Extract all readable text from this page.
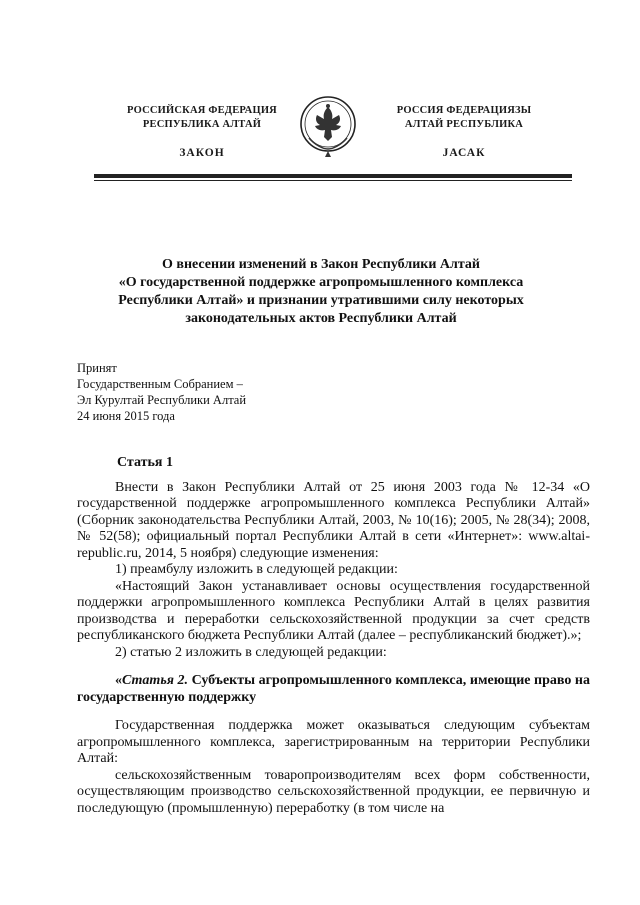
РОССИЙСКАЯ ФЕДЕРАЦИЯ
РЕСПУБЛИКА АЛТАЙ
ЗАКОН
РОССИЯ ФЕДЕРАЦИЯЗЫ
АЛТАЙ РЕСПУБЛИКА
JАСАК
О внесении изменений в Закон Республики Алтай
«О государственной поддержке агропромышленного комплекса
Республики Алтай» и признании утратившими силу некоторых
законодательных актов Республики Алтай
Принят
Государственным Собранием –
Эл Курултай Республики Алтай
24 июня 2015 года
Статья 1

Внести в Закон Республики Алтай от 25 июня 2003 года № 12-34 «О государственной поддержке агропромышленного комплекса Республики Алтай» (Сборник законодательства Республики Алтай, 2003, № 10(16); 2005, № 28(34); 2008, № 52(58); официальный портал Республики Алтай в сети «Интернет»: www.altai-republic.ru, 2014, 5 ноября) следующие изменения:

1) преамбулу изложить в следующей редакции:

«Настоящий Закон устанавливает основы осуществления государственной поддержки агропромышленного комплекса Республики Алтай в целях развития производства и переработки сельскохозяйственной продукции за счет средств республиканского бюджета Республики Алтай (далее – республиканский бюджет).»;

2) статью 2 изложить в следующей редакции:

«Статья 2. Субъекты агропромышленного комплекса, имеющие право на государственную поддержку

Государственная поддержка может оказываться следующим субъектам агропромышленного комплекса, зарегистрированным на территории Республики Алтай:

сельскохозяйственным товаропроизводителям всех форм собственности, осуществляющим производство сельскохозяйственной продукции, ее первичную и последующую (промышленную) переработку (в том числе на
